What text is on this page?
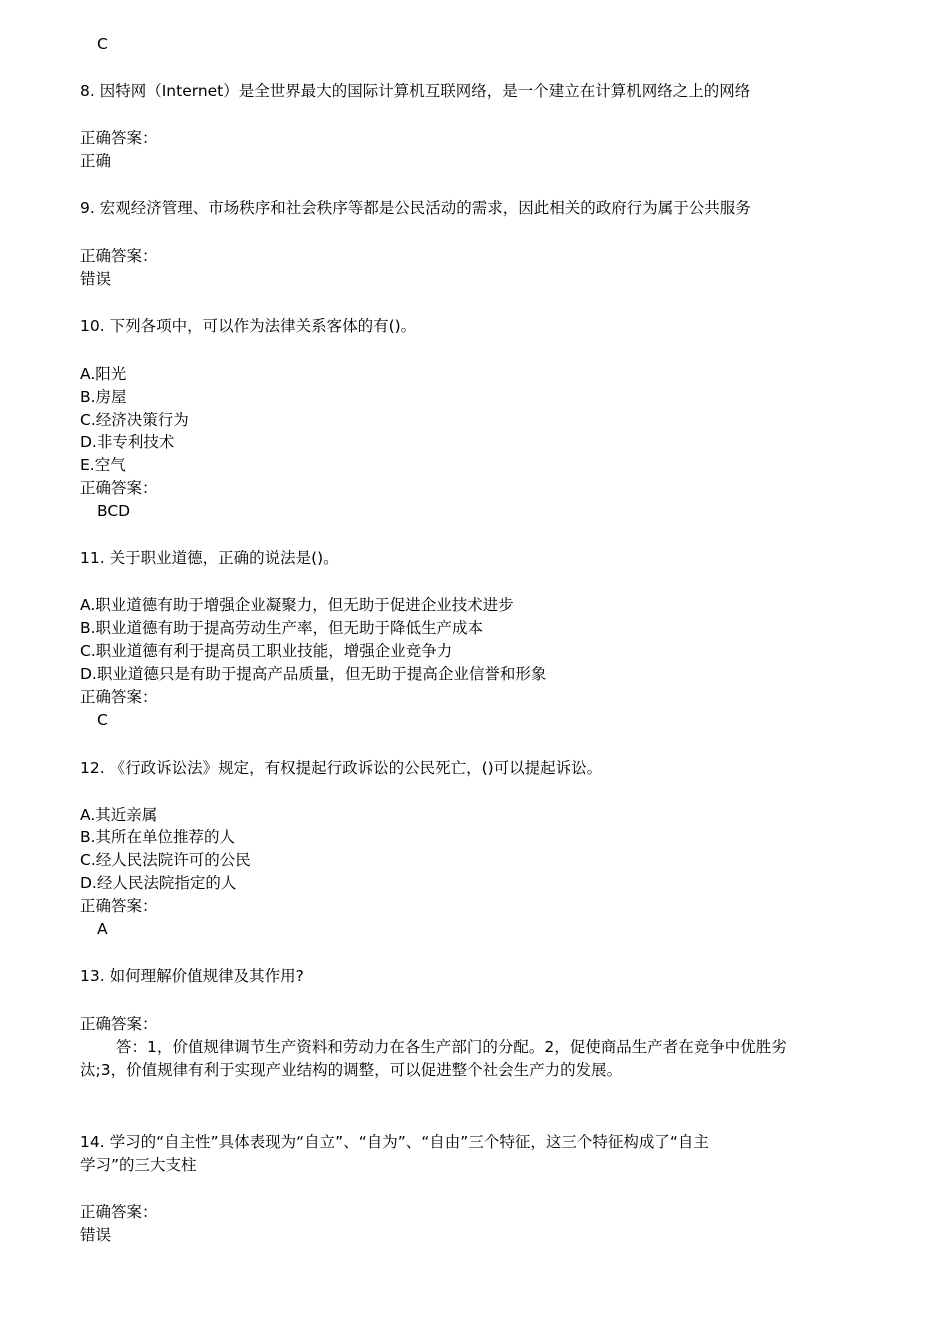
C
8. 因特网（Internet）是全世界最大的国际计算机互联网络，是一个建立在计算机网络之上的网络
正确答案：
正确
9. 宏观经济管理、市场秩序和社会秩序等都是公民活动的需求，因此相关的政府行为属于公共服务
正确答案：
错误
10. 下列各项中，可以作为法律关系客体的有()。
A.阳光
B.房屋
C.经济决策行为
D.非专利技术
E.空气
正确答案：
BCD
11. 关于职业道德，正确的说法是()。
A.职业道德有助于增强企业凝聚力，但无助于促进企业技术进步
B.职业道德有助于提高劳动生产率，但无助于降低生产成本
C.职业道德有利于提高员工职业技能，增强企业竞争力
D.职业道德只是有助于提高产品质量，但无助于提高企业信誉和形象
正确答案：
C
12. 《行政诉讼法》规定，有权提起行政诉讼的公民死亡，()可以提起诉讼。
A.其近亲属
B.其所在单位推荐的人
C.经人民法院许可的公民
D.经人民法院指定的人
正确答案：
A
13. 如何理解价值规律及其作用?
正确答案：
答：1，价值规律调节生产资料和劳动力在各生产部门的分配。2，促使商品生产者在竞争中优胜劣
汰;3，价值规律有利于实现产业结构的调整，可以促进整个社会生产力的发展。
14. 学习的“自主性”具体表现为“自立”、“自为”、“自由”三个特征，这三个特征构成了“自主
学习”的三大支柱
正确答案：
错误
